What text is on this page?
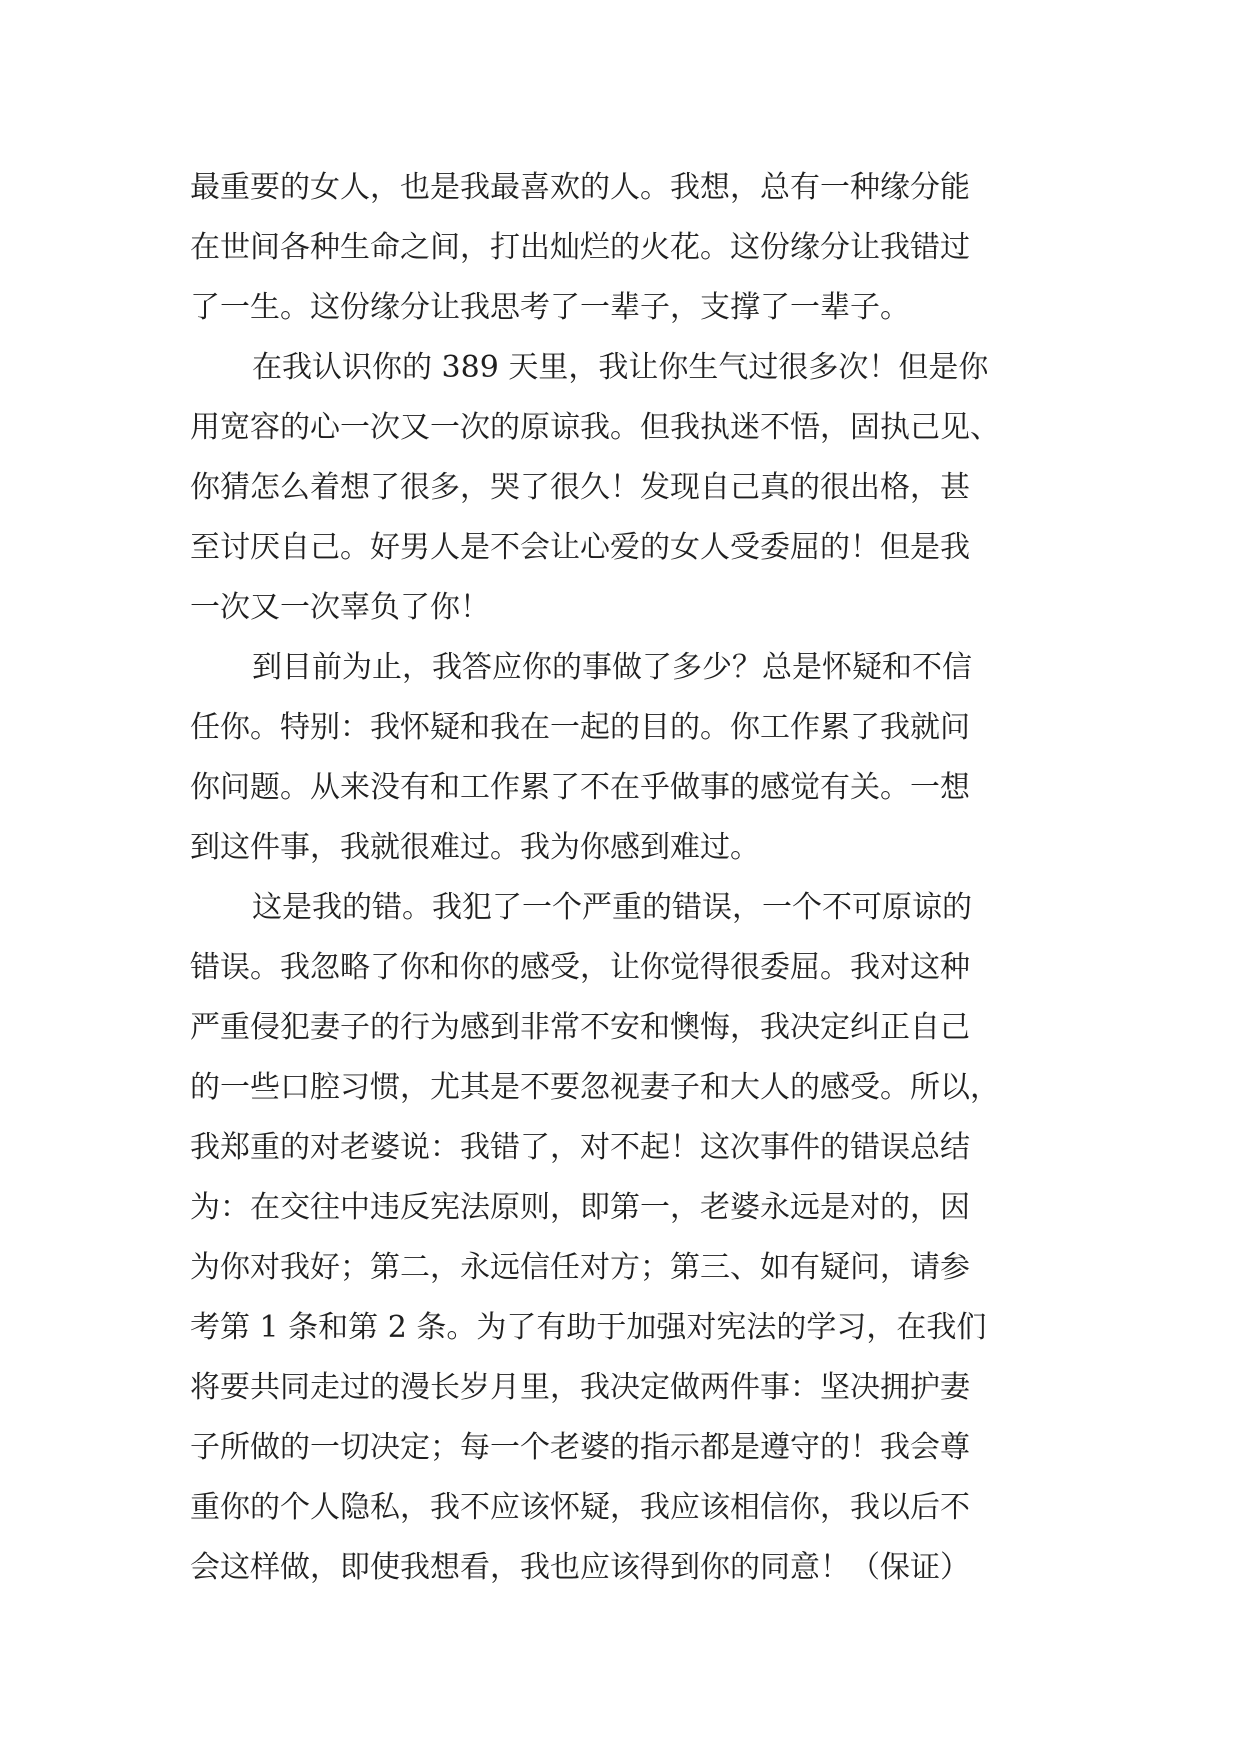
最重要的女人，也是我最喜欢的人。我想，总有一种缘分能
在世间各种生命之间，打出灿烂的火花。这份缘分让我错过
了一生。这份缘分让我思考了一辈子，支撑了一辈子。
在我认识你的 389 天里，我让你生气过很多次！但是你
用宽容的心一次又一次的原谅我。但我执迷不悟，固执己见、
你猜怎么着想了很多，哭了很久！发现自己真的很出格，甚
至讨厌自己。好男人是不会让心爱的女人受委屈的！但是我
一次又一次辜负了你！
到目前为止，我答应你的事做了多少？总是怀疑和不信
任你。特别：我怀疑和我在一起的目的。你工作累了我就问
你问题。从来没有和工作累了不在乎做事的感觉有关。一想
到这件事，我就很难过。我为你感到难过。
这是我的错。我犯了一个严重的错误，一个不可原谅的
错误。我忽略了你和你的感受，让你觉得很委屈。我对这种
严重侵犯妻子的行为感到非常不安和懊悔，我决定纠正自己
的一些口腔习惯，尤其是不要忽视妻子和大人的感受。所以，
我郑重的对老婆说：我错了，对不起！这次事件的错误总结
为：在交往中违反宪法原则，即第一，老婆永远是对的，因
为你对我好；第二，永远信任对方；第三、如有疑问，请参
考第 1 条和第 2 条。为了有助于加强对宪法的学习，在我们
将要共同走过的漫长岁月里，我决定做两件事：坚决拥护妻
子所做的一切决定；每一个老婆的指示都是遵守的！我会尊
重你的个人隐私，我不应该怀疑，我应该相信你，我以后不
会这样做，即使我想看，我也应该得到你的同意！（保证）
